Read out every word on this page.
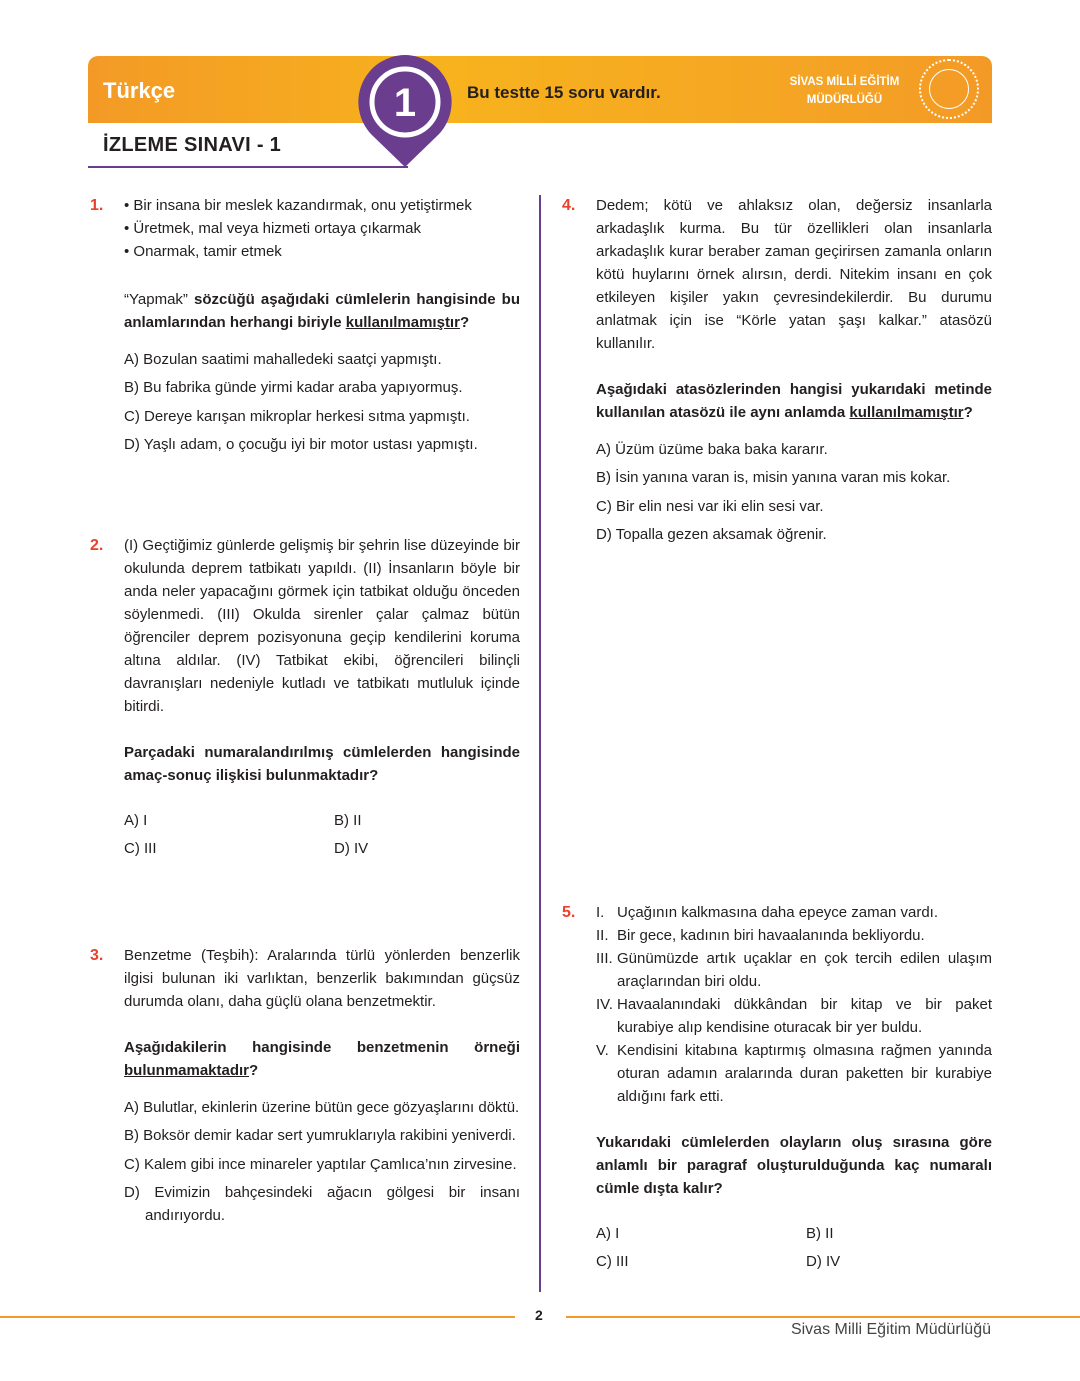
Türkçe	1	Bu testte 15 soru vardır.
SİVAS MİLLİ EĞİTİM
MÜDÜRLÜĞÜ
İZLEME SINAVI - 1
1. • Bir insana bir meslek kazandırmak, onu yetiştirmek
• Üretmek, mal veya hizmeti ortaya çıkarmak
• Onarmak, tamir etmek
“Yapmak” sözcüğü aşağıdaki cümlelerin hangisinde bu anlamlarından herhangi biriyle kullanılmamıştır?
A) Bozulan saatimi mahalledeki saatçi yapmıştı.
B) Bu fabrika günde yirmi kadar araba yapıyormuş.
C) Dereye karışan mikroplar herkesi sıtma yapmıştı.
D) Yaşlı adam, o çocuğu iyi bir motor ustası yapmıştı.
2. (I) Geçtiğimiz günlerde gelişmiş bir şehrin lise düzeyinde bir okulunda deprem tatbikatı yapıldı. (II) İnsanların böyle bir anda neler yapacağını görmek için tatbikat olduğu önceden söylenmedi. (III) Okulda sirenler çalar çalmaz bütün öğrenciler deprem pozisyonuna geçip kendilerini koruma altına aldılar. (IV) Tatbikat ekibi, öğrencileri bilinçli davranışları nedeniyle kutladı ve tatbikatı mutluluk içinde bitirdi.
Parçadaki numaralandırılmış cümlelerden hangisinde amaç-sonuç ilişkisi bulunmaktadır?
A) I	B) II
C) III	D) IV
3. Benzetme (Teşbih): Aralarında türlü yönlerden benzerlik ilgisi bulunan iki varlıktan, benzerlik bakımından güçsüz durumda olanı, daha güçlü olana benzetmektir.
Aşağıdakilerin hangisinde benzetmenin örneği bulunmamaktadır?
A) Bulutlar, ekinlerin üzerine bütün gece gözyaşlarını döktü.
B) Boksör demir kadar sert yumruklarıyla rakibini yeniverdi.
C) Kalem gibi ince minareler yaptılar Çamlıca’nın zirvesine.
D) Evimizin bahçesindeki ağacın gölgesi bir insanı andırıyordu.
4. Dedem; kötü ve ahlaksız olan, değersiz insanlarla arkadaşlık kurma. Bu tür özellikleri olan insanlarla arkadaşlık kurar beraber zaman geçirirsen zamanla onların kötü huylarını örnek alırsın, derdi. Nitekim insanı en çok etkileyen kişiler yakın çevresindekilerdir. Bu durumu anlatmak için ise “Körle yatan şaşı kalkar.” atasözü kullanılır.
Aşağıdaki atasözlerinden hangisi yukarıdaki metinde kullanılan atasözü ile aynı anlamda kullanılmamıştır?
A) Üzüm üzüme baka baka kararır.
B) İsin yanına varan is, misin yanına varan mis kokar.
C) Bir elin nesi var iki elin sesi var.
D) Topalla gezen aksamak öğrenir.
5. I. Uçağının kalkmasına daha epeyce zaman vardı.
II. Bir gece, kadının biri havaalanında bekliyordu.
III. Günümüzde artık uçaklar en çok tercih edilen ulaşım araçlarından biri oldu.
IV. Havaalanındaki dükkândan bir kitap ve bir paket kurabiye alıp kendisine oturacak bir yer buldu.
V. Kendisini kitabına kaptırmış olmasına rağmen yanında oturan adamın aralarında duran paketten bir kurabiye aldığını fark etti.
Yukarıdaki cümlelerden olayların oluş sırasına göre anlamlı bir paragraf oluşturulduğunda kaç numaralı cümle dışta kalır?
A) I	B) II
C) III	D) IV
2
Sivas Milli Eğitim Müdürlüğü
